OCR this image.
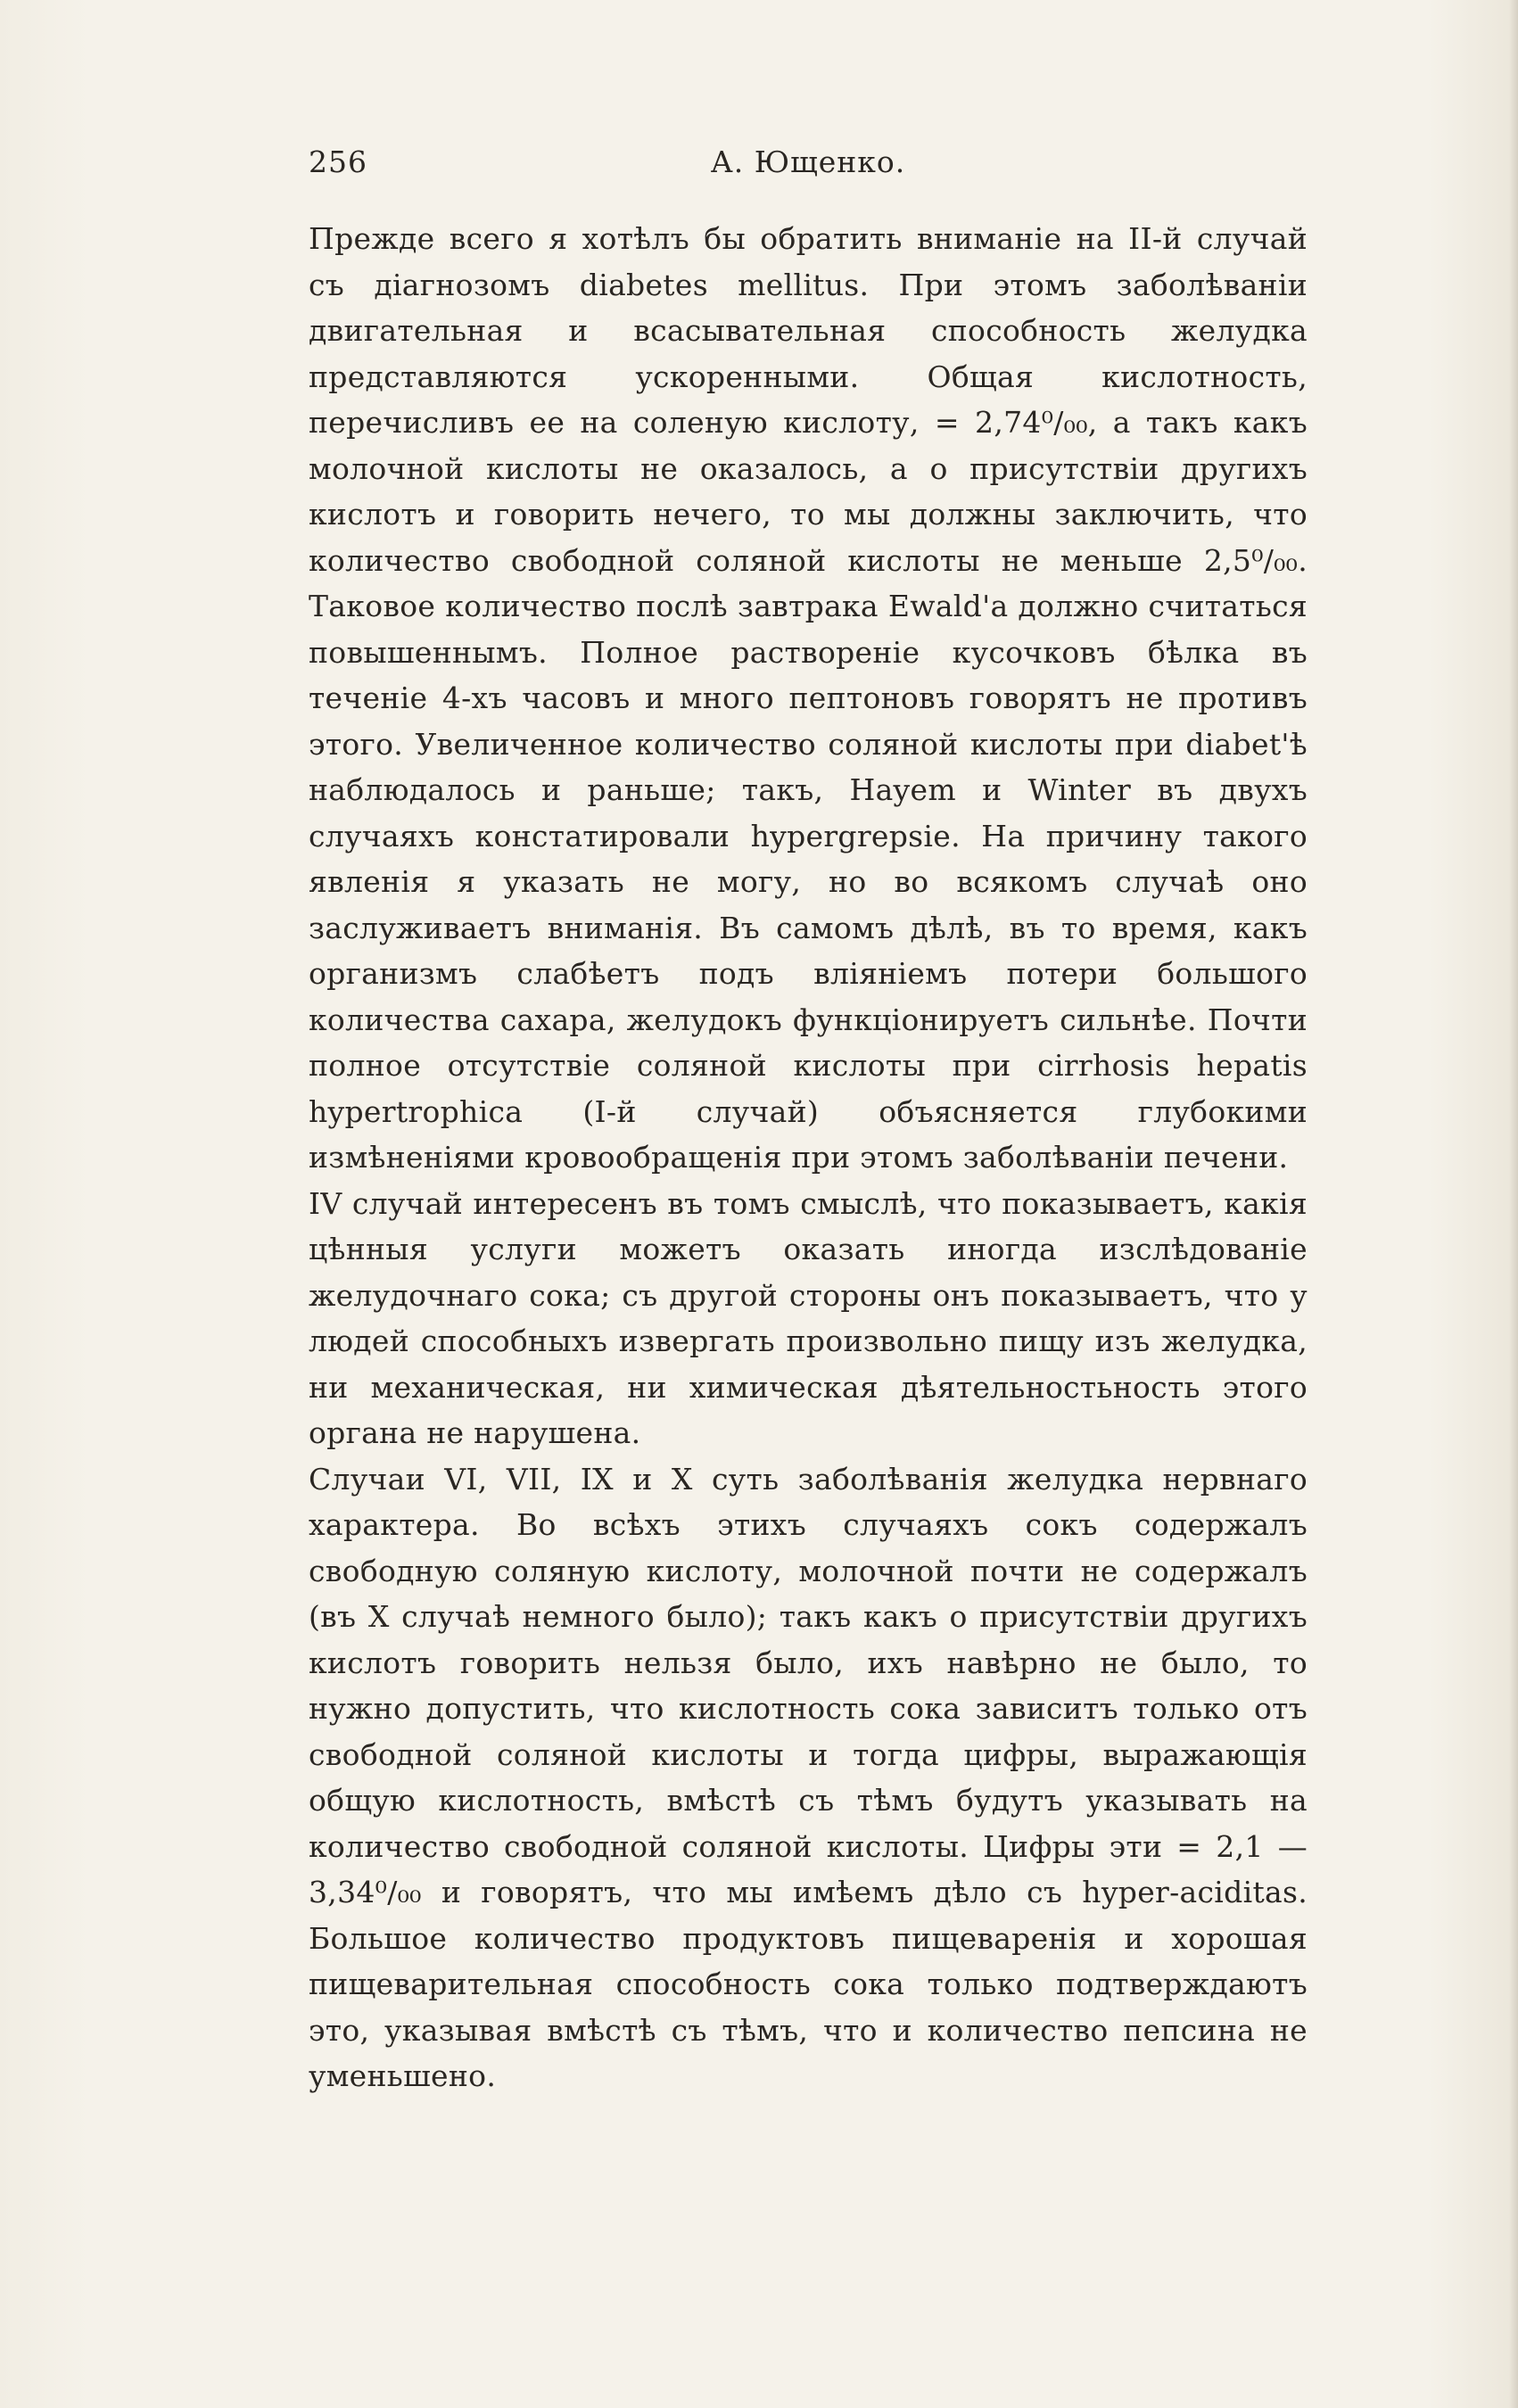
А. Ющенко.
256

Прежде всего я хотѣлъ бы обратить вниманіе на II-й случай съ діагнозомъ diabetes mellitus. При этомъ заболѣваніи двигательная и всасывательная способность желудка представляются ускоренными. Общая кислотность, перечисливъ ее на соленую кислоту, = 2,74⁰/₀₀, а такъ какъ молочной кислоты не оказалось, а о присутствіи другихъ кислотъ и говорить нечего, то мы должны заключить, что количество свободной соляной кислоты не меньше 2,5⁰/₀₀. Таковое количество послѣ завтрака Ewald'а должно считаться повышеннымъ. Полное раствореніе кусочковъ бѣлка въ теченіе 4-хъ часовъ и много пептоновъ говорятъ не противъ этого. Увеличенное количество соляной кислоты при diabet'ѣ наблюдалось и раньше; такъ, Hayem и Winter въ двухъ случаяхъ констатировали hypergrepsie. На причину такого явленія я указать не могу, но во всякомъ случаѣ оно заслуживаетъ вниманія. Въ самомъ дѣлѣ, въ то время, какъ организмъ слабѣетъ подъ вліяніемъ потери большого количества сахара, желудокъ функціонируетъ сильнѣе. Почти полное отсутствіе соляной кислоты при cirrhosis hepatis hypertrophica (I-й случай) объясняется глубокими измѣненіями кровообращенія при этомъ заболѣваніи печени.

IV случай интересенъ въ томъ смыслѣ, что показываетъ, какія цѣнныя услуги можетъ оказать иногда изслѣдованіе желудочнаго сока; съ другой стороны онъ показываетъ, что у людей способныхъ извергать произвольно пищу изъ желудка, ни механическая, ни химическая дѣятельностьность этого органа не нарушена.

Случаи VI, VII, IX и X суть заболѣванія желудка нервнаго характера. Во всѣхъ этихъ случаяхъ сокъ содержалъ свободную соляную кислоту, молочной почти не содержалъ (въ X случаѣ немного было); такъ какъ о присутствіи другихъ кислотъ говорить нельзя было, ихъ навѣрно не было, то нужно допустить, что кислотность сока зависитъ только отъ свободной соляной кислоты и тогда цифры, выражающія общую кислотность, вмѣстѣ съ тѣмъ будутъ указывать на количество свободной соляной кислоты. Цифры эти = 2,1 — 3,34⁰/₀₀ и говорятъ, что мы имѣемъ дѣло съ hyper-aciditas. Большое количество продуктовъ пищеваренія и хорошая пищеварительная способность сока только подтверждаютъ это, указывая вмѣстѣ съ тѣмъ, что и количество пепсина не уменьшено.
